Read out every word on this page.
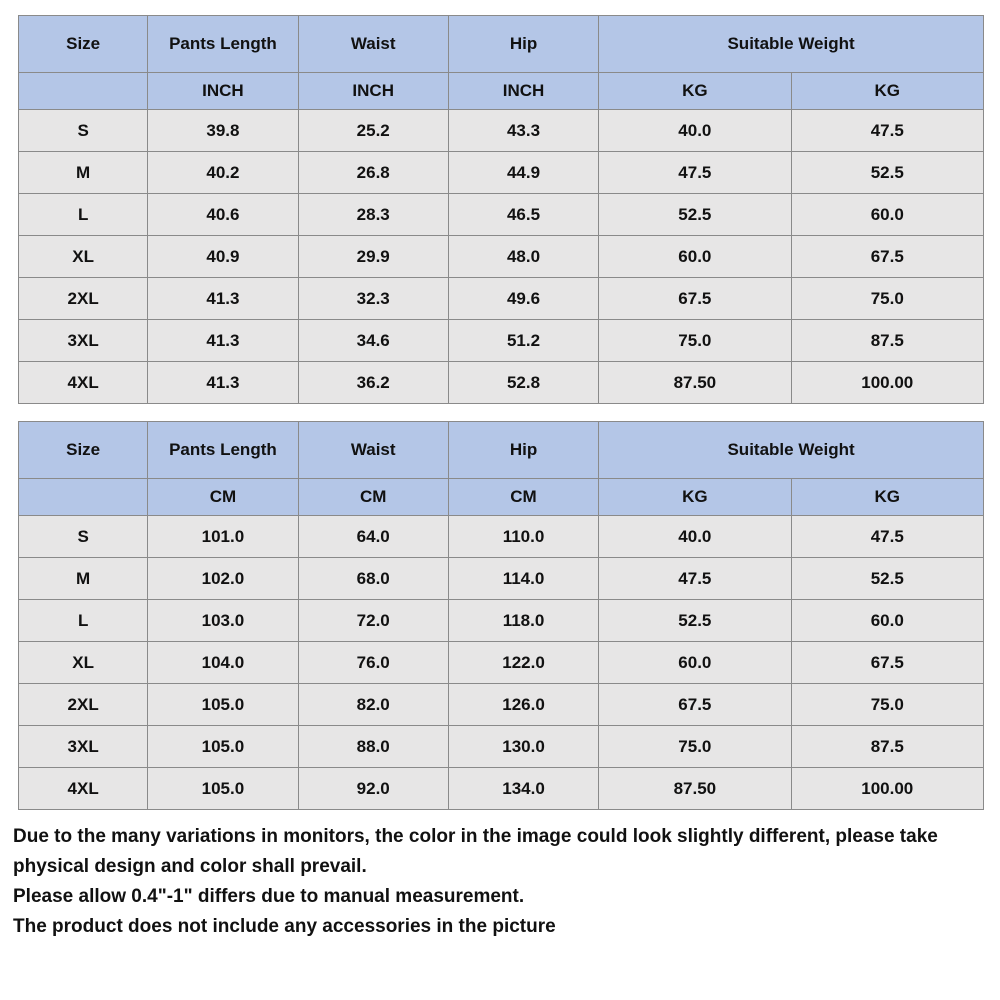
Size	Pants Length	Waist	Hip	Suitable Weight	
	INCH	INCH	INCH	KG	KG
S	39.8	25.2	43.3	40.0	47.5
M	40.2	26.8	44.9	47.5	52.5
L	40.6	28.3	46.5	52.5	60.0
XL	40.9	29.9	48.0	60.0	67.5
2XL	41.3	32.3	49.6	67.5	75.0
3XL	41.3	34.6	51.2	75.0	87.5
4XL	41.3	36.2	52.8	87.50	100.00
Size	Pants Length	Waist	Hip	Suitable Weight	
	CM	CM	CM	KG	KG
S	101.0	64.0	110.0	40.0	47.5
M	102.0	68.0	114.0	47.5	52.5
L	103.0	72.0	118.0	52.5	60.0
XL	104.0	76.0	122.0	60.0	67.5
2XL	105.0	82.0	126.0	67.5	75.0
3XL	105.0	88.0	130.0	75.0	87.5
4XL	105.0	92.0	134.0	87.50	100.00

Due to the many variations in monitors, the color in the image could look slightly different, please take physical design and color shall prevail.

Please allow 0.4"-1" differs due to manual measurement.

The product does not include any accessories in the picture
